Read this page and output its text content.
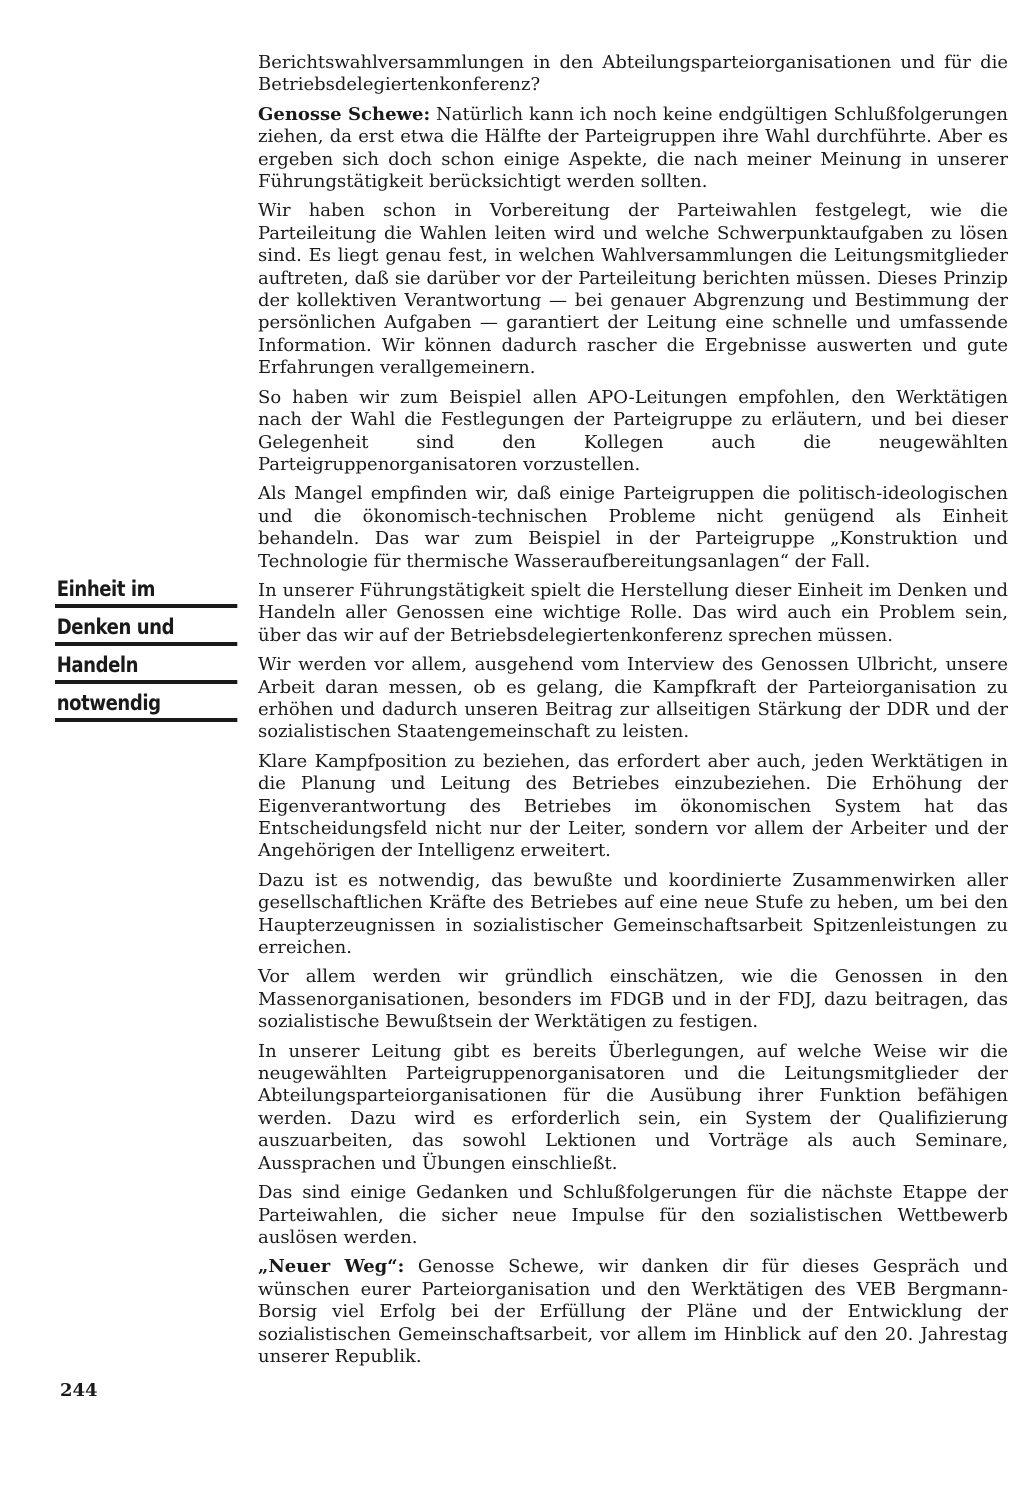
Berichtswahlversammlungen in den Abteilungsparteiorganisationen und für die Betriebsdelegiertenkonferenz?

Genosse Schewe: Natürlich kann ich noch keine endgültigen Schlußfolgerungen ziehen, da erst etwa die Hälfte der Parteigruppen ihre Wahl durchführte. Aber es ergeben sich doch schon einige Aspekte, die nach meiner Meinung in unserer Führungstätigkeit berücksichtigt werden sollten.

Wir haben schon in Vorbereitung der Parteiwahlen festgelegt, wie die Parteileitung die Wahlen leiten wird und welche Schwerpunktaufgaben zu lösen sind. Es liegt genau fest, in welchen Wahlversammlungen die Leitungsmitglieder auftreten, daß sie darüber vor der Parteileitung berichten müssen. Dieses Prinzip der kollektiven Verantwortung — bei genauer Abgrenzung und Bestimmung der persönlichen Aufgaben — garantiert der Leitung eine schnelle und umfassende Information. Wir können dadurch rascher die Ergebnisse auswerten und gute Erfahrungen verallgemeinern.

So haben wir zum Beispiel allen APO-Leitungen empfohlen, den Werktätigen nach der Wahl die Festlegungen der Parteigruppe zu erläutern, und bei dieser Gelegenheit sind den Kollegen auch die neugewählten Parteigruppenorganisatoren vorzustellen.

Als Mangel empfinden wir, daß einige Parteigruppen die politisch-ideologischen und die ökonomisch-technischen Probleme nicht genügend als Einheit behandeln. Das war zum Beispiel in der Parteigruppe „Konstruktion und Technologie für thermische Wasseraufbereitungsanlagen“ der Fall.

In unserer Führungstätigkeit spielt die Herstellung dieser Einheit im Denken und Handeln aller Genossen eine wichtige Rolle. Das wird auch ein Problem sein, über das wir auf der Betriebsdelegiertenkonferenz sprechen müssen.

Wir werden vor allem, ausgehend vom Interview des Genossen Ulbricht, unsere Arbeit daran messen, ob es gelang, die Kampfkraft der Parteiorganisation zu erhöhen und dadurch unseren Beitrag zur allseitigen Stärkung der DDR und der sozialistischen Staatengemeinschaft zu leisten.

Klare Kampfposition zu beziehen, das erfordert aber auch, jeden Werktätigen in die Planung und Leitung des Betriebes einzubeziehen. Die Erhöhung der Eigenverantwortung des Betriebes im ökonomischen System hat das Entscheidungsfeld nicht nur der Leiter, sondern vor allem der Arbeiter und der Angehörigen der Intelligenz erweitert.

Dazu ist es notwendig, das bewußte und koordinierte Zusammenwirken aller gesellschaftlichen Kräfte des Betriebes auf eine neue Stufe zu heben, um bei den Haupterzeugnissen in sozialistischer Gemeinschaftsarbeit Spitzenleistungen zu erreichen.

Vor allem werden wir gründlich einschätzen, wie die Genossen in den Massenorganisationen, besonders im FDGB und in der FDJ, dazu beitragen, das sozialistische Bewußtsein der Werktätigen zu festigen.

In unserer Leitung gibt es bereits Überlegungen, auf welche Weise wir die neugewählten Parteigruppenorganisatoren und die Leitungsmitglieder der Abteilungsparteiorganisationen für die Ausübung ihrer Funktion befähigen werden. Dazu wird es erforderlich sein, ein System der Qualifizierung auszuarbeiten, das sowohl Lektionen und Vorträge als auch Seminare, Aussprachen und Übungen einschließt.

Das sind einige Gedanken und Schlußfolgerungen für die nächste Etappe der Parteiwahlen, die sicher neue Impulse für den sozialistischen Wettbewerb auslösen werden.

„Neuer Weg“: Genosse Schewe, wir danken dir für dieses Gespräch und wünschen eurer Parteiorganisation und den Werktätigen des VEB Bergmann-Borsig viel Erfolg bei der Erfüllung der Pläne und der Entwicklung der sozialistischen Gemeinschaftsarbeit, vor allem im Hinblick auf den 20. Jahrestag unserer Republik.

Einheit im
Denken und
Handeln
notwendig
244
